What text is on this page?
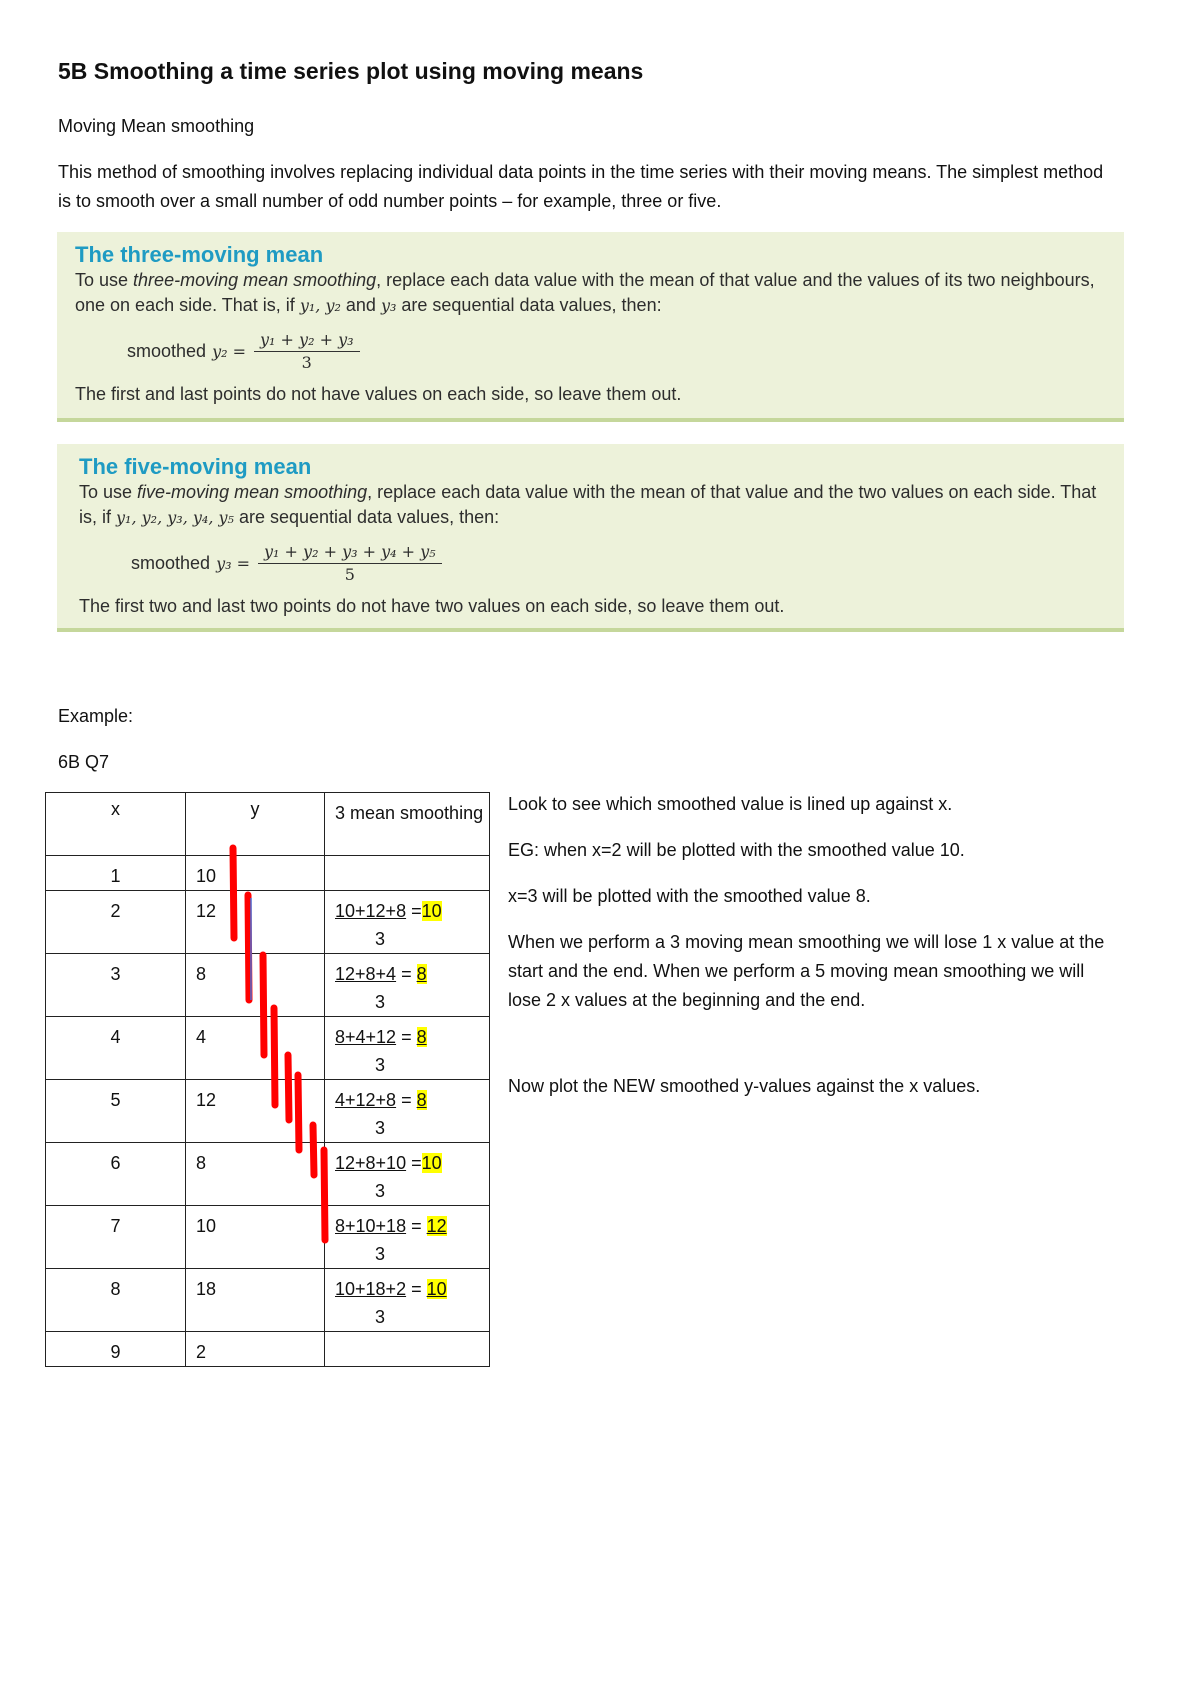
5B Smoothing a time series plot using moving means
Moving Mean smoothing
This method of smoothing involves replacing individual data points in the time series with their moving means. The simplest method is to smooth over a small number of odd number points – for example, three or five.
The three-moving mean
To use three-moving mean smoothing, replace each data value with the mean of that value and the values of its two neighbours, one on each side. That is, if y₁, y₂ and y₃ are sequential data values, then:
smoothed $y_2 = \frac{\text{y₁ + y₂ + y₃}}{3}$
The first and last points do not have values on each side, so leave them out.
The five-moving mean
To use five-moving mean smoothing, replace each data value with the mean of that value and the two values on each side. That is, if y₁, y₂, y₃, y₄, y₅ are sequential data values, then:
smoothed $y_3 = \frac{\text{y₁ + y₂ + y₃ + y₄ + y₅}}{5}$
The first two and last two points do not have two values on each side, so leave them out.
Example:
6B Q7
x	y	3 mean smoothing

1	10	

2	12	10+12+8 =10
3

3	8	12+8+4 = 8
3

4	4	8+4+12 = 8
3

5	12	4+12+8 = 8
3

6	8	12+8+10 =10
3

7	10	8+10+18 = 12
3

8	18	10+18+2 = 10
3

9	2	

Look to see which smoothed value is lined up against x.

EG: when x=2 will be plotted with the smoothed value 10.

x=3 will be plotted with the smoothed value 8.

When we perform a 3 moving mean smoothing we will lose 1 x value at the start and the end. When we perform a 5 moving mean smoothing we will lose 2 x values at the beginning and the end.

Now plot the NEW smoothed y-values against the x values.
